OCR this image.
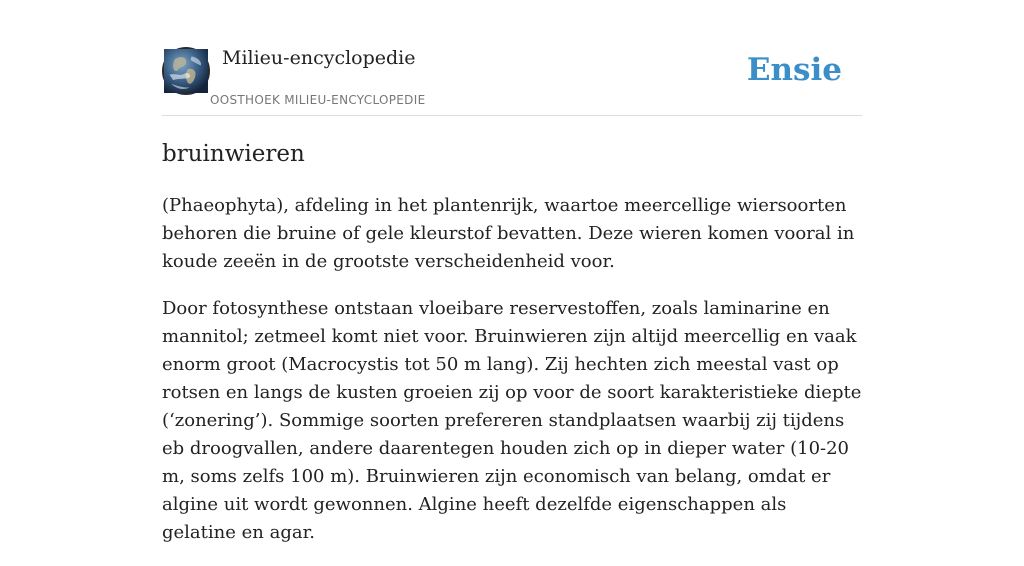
Milieu-encyclopedie
OOSTHOEK MILIEU-ENCYCLOPEDIE
Ensie
bruinwieren

(Phaeophyta), afdeling in het plantenrijk, waartoe meercellige wiersoorten behoren die bruine of gele kleurstof bevatten. Deze wieren komen vooral in koude zeeën in de grootste verscheidenheid voor.

Door fotosynthese ontstaan vloeibare reservestoffen, zoals laminarine en mannitol; zetmeel komt niet voor. Bruinwieren zijn altijd meercellig en vaak enorm groot (Macrocystis tot 50 m lang). Zij hechten zich meestal vast op rotsen en langs de kusten groeien zij op voor de soort karakteristieke diepte (‘zonering’). Sommige soorten prefereren standplaatsen waarbij zij tijdens eb droogvallen, andere daarentegen houden zich op in dieper water (10-20 m, soms zelfs 100 m). Bruinwieren zijn economisch van belang, omdat er algine uit wordt gewonnen. Algine heeft dezelfde eigenschappen als gelatine en agar.
